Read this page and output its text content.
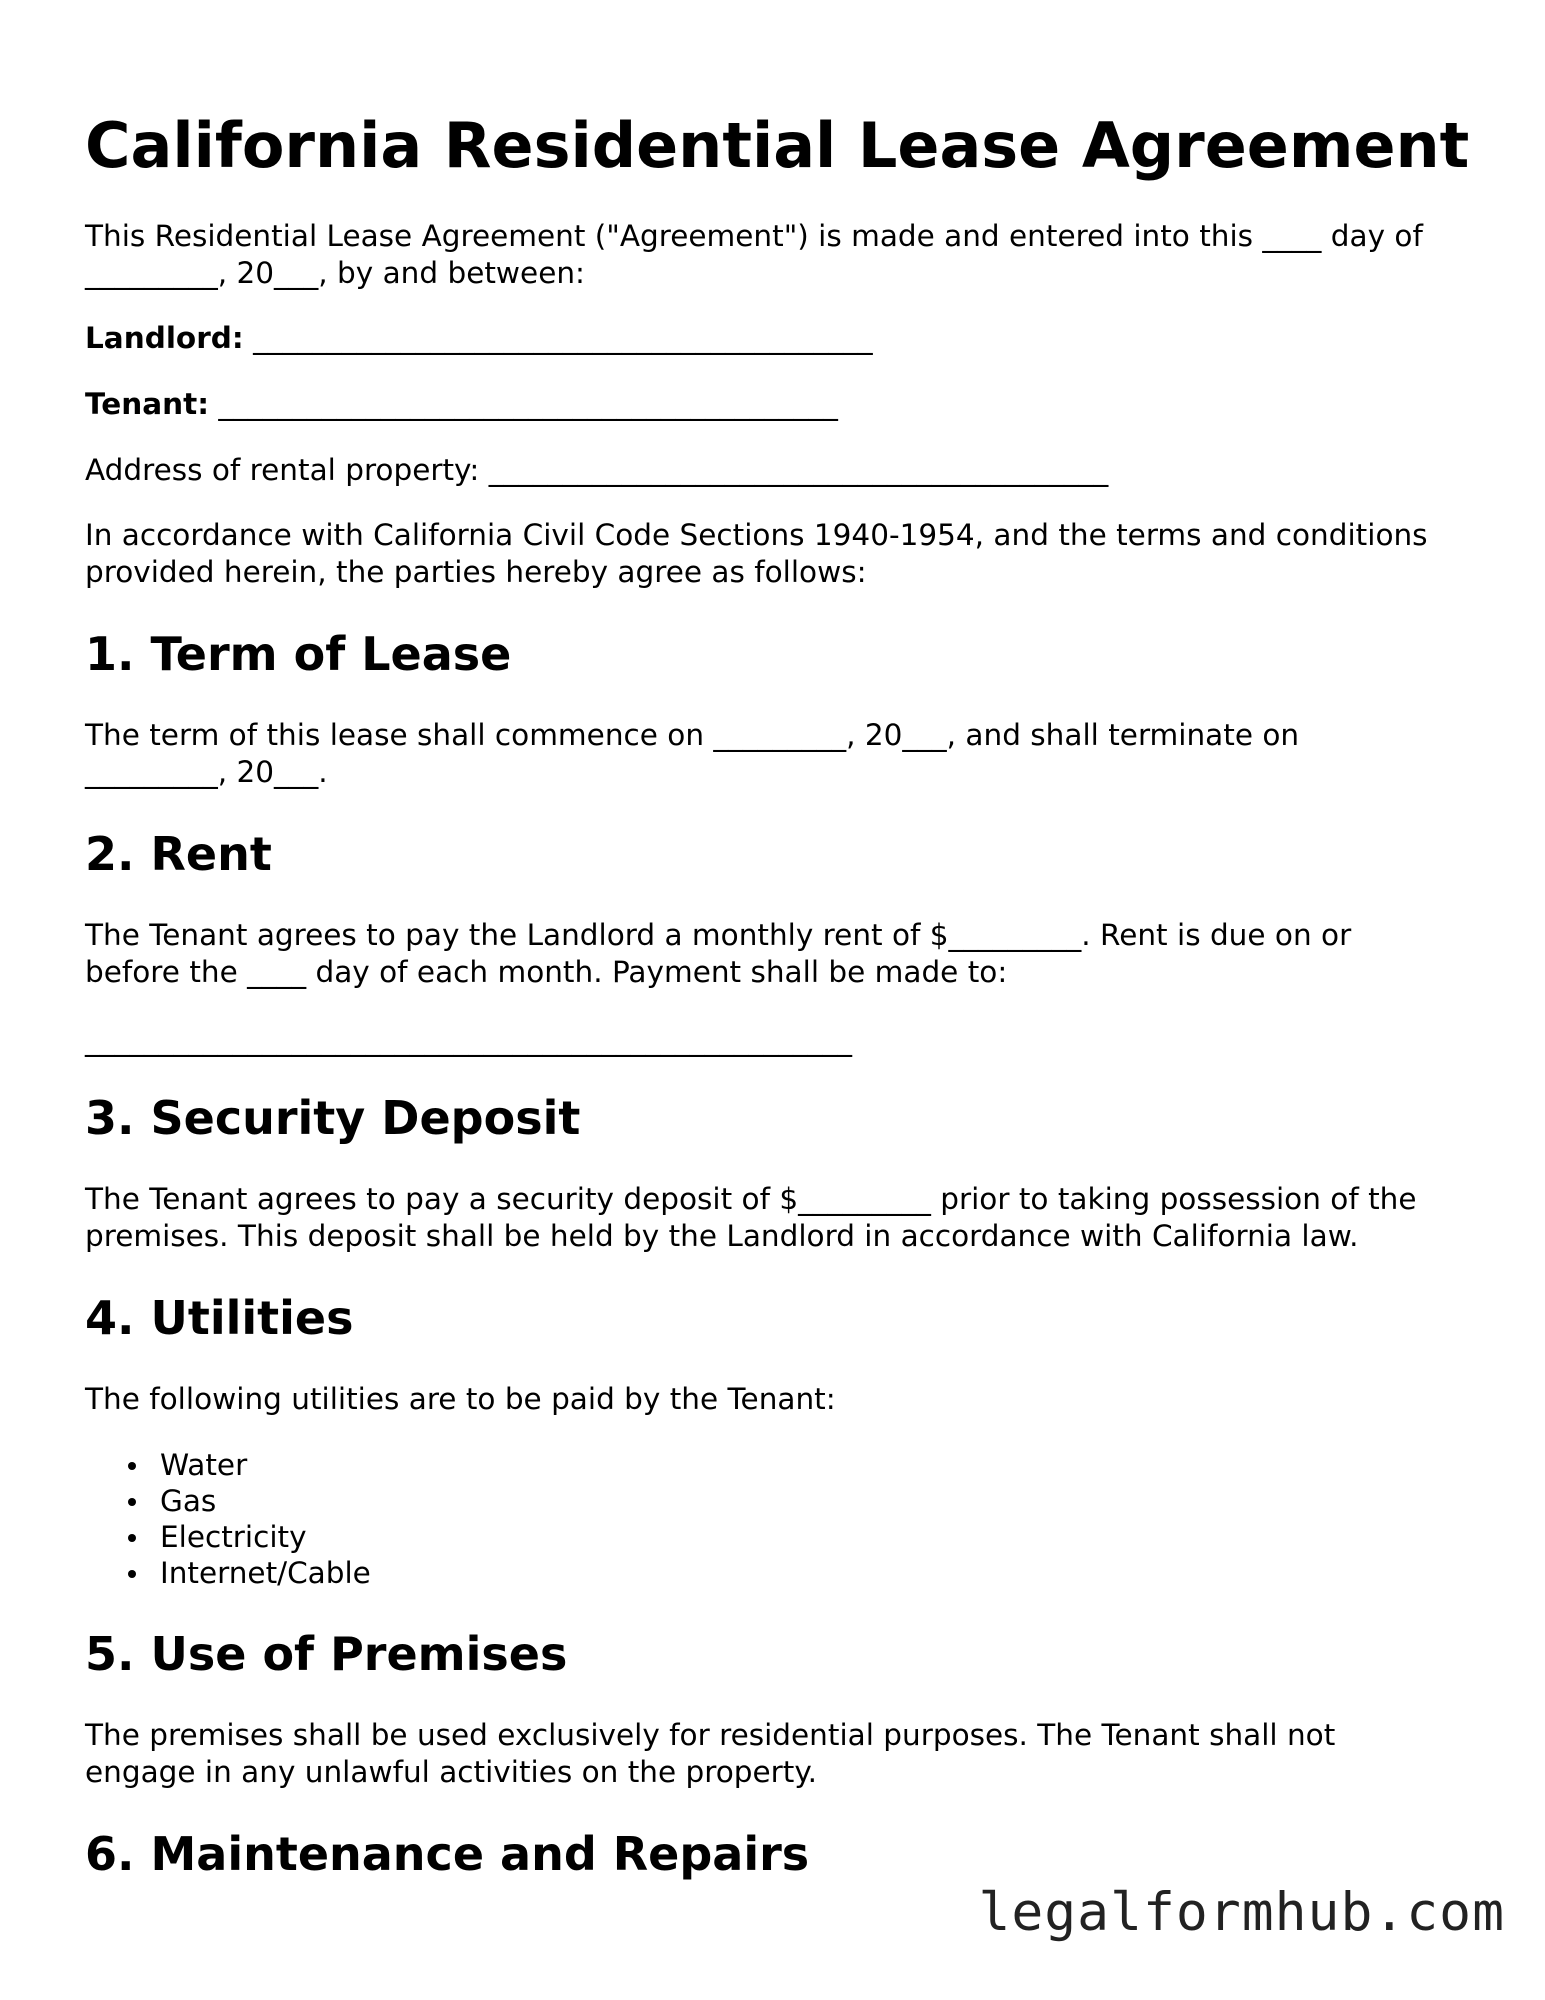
California Residential Lease Agreement

This Residential Lease Agreement ("Agreement") is made and entered into this ____ day of
_________, 20___, by and between:

Landlord: __________________________________________

Tenant: __________________________________________

Address of rental property: __________________________________________

In accordance with California Civil Code Sections 1940-1954, and the terms and conditions
provided herein, the parties hereby agree as follows:

1. Term of Lease

The term of this lease shall commence on _________, 20___, and shall terminate on
_________, 20___.

2. Rent

The Tenant agrees to pay the Landlord a monthly rent of $_________. Rent is due on or
before the ____ day of each month. Payment shall be made to:

____________________________________________________

3. Security Deposit

The Tenant agrees to pay a security deposit of $_________ prior to taking possession of the
premises. This deposit shall be held by the Landlord in accordance with California law.

4. Utilities

The following utilities are to be paid by the Tenant:

Water
Gas
Electricity
Internet/Cable
5. Use of Premises

The premises shall be used exclusively for residential purposes. The Tenant shall not
engage in any unlawful activities on the property.

6. Maintenance and Repairs
legalformhub.com
